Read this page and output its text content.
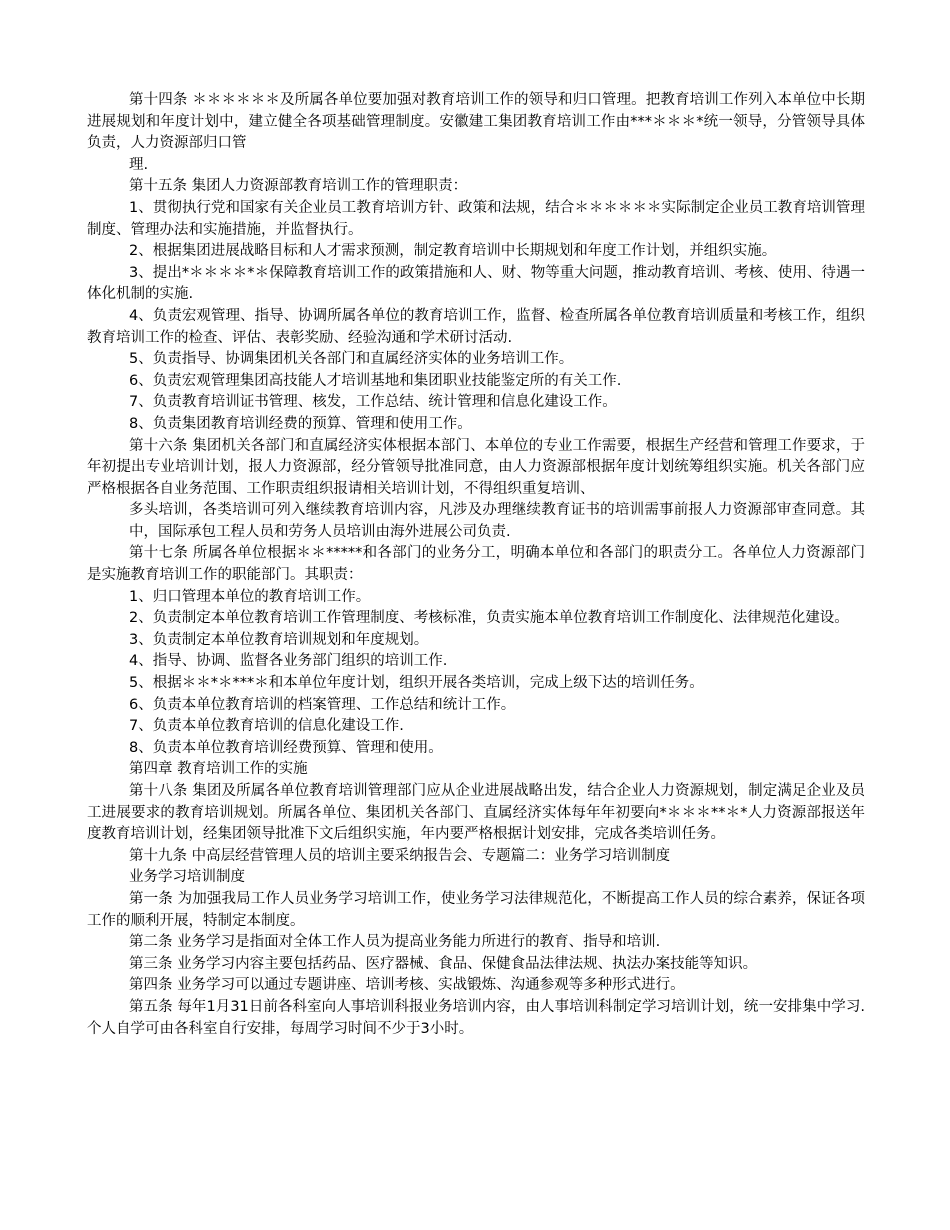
第十四条 ＊＊＊＊＊＊及所属各单位要加强对教育培训工作的领导和归口管理。把教育培训工作列入本单位中长期进展规划和年度计划中，建立健全各项基础管理制度。安徽建工集团教育培训工作由***＊＊＊*统一领导，分管领导具体负责，人力资源部归口管

理.

第十五条 集团人力资源部教育培训工作的管理职责：

1、贯彻执行党和国家有关企业员工教育培训方针、政策和法规，结合＊＊＊＊＊＊实际制定企业员工教育培训管理制度、管理办法和实施措施，并监督执行。

2、根据集团进展战略目标和人才需求预测，制定教育培训中长期规划和年度工作计划，并组织实施。

3、提出*＊＊＊＊*＊保障教育培训工作的政策措施和人、财、物等重大问题，推动教育培训、考核、使用、待遇一体化机制的实施.

4、负责宏观管理、指导、协调所属各单位的教育培训工作，监督、检查所属各单位教育培训质量和考核工作，组织教育培训工作的检查、评估、表彰奖励、经验沟通和学术研讨活动.

5、负责指导、协调集团机关各部门和直属经济实体的业务培训工作。

6、负责宏观管理集团高技能人才培训基地和集团职业技能鉴定所的有关工作.

7、负责教育培训证书管理、核发，工作总结、统计管理和信息化建设工作。

8、负责集团教育培训经费的预算、管理和使用工作。

第十六条 集团机关各部门和直属经济实体根据本部门、本单位的专业工作需要，根据生产经营和管理工作要求，于年初提出专业培训计划，报人力资源部，经分管领导批准同意，由人力资源部根据年度计划统筹组织实施。机关各部门应严格根据各自业务范围、工作职责组织报请相关培训计划，不得组织重复培训、

多头培训，各类培训可列入继续教育培训内容，凡涉及办理继续教育证书的培训需事前报人力资源部审查同意。其中，国际承包工程人员和劳务人员培训由海外进展公司负责.

第十七条 所属各单位根据＊＊*****和各部门的业务分工，明确本单位和各部门的职责分工。各单位人力资源部门是实施教育培训工作的职能部门。其职责：

1、归口管理本单位的教育培训工作。

2、负责制定本单位教育培训工作管理制度、考核标准，负责实施本单位教育培训工作制度化、法律规范化建设。

3、负责制定本单位教育培训规划和年度规划。

4、指导、协调、监督各业务部门组织的培训工作.

5、根据＊＊*＊***＊和本单位年度计划，组织开展各类培训，完成上级下达的培训任务。

6、负责本单位教育培训的档案管理、工作总结和统计工作。

7、负责本单位教育培训的信息化建设工作.

8、负责本单位教育培训经费预算、管理和使用。

第四章 教育培训工作的实施

第十八条 集团及所属各单位教育培训管理部门应从企业进展战略出发，结合企业人力资源规划，制定满足企业及员工进展要求的教育培训规划。所属各单位、集团机关各部门、直属经济实体每年年初要向*＊＊＊**＊*人力资源部报送年度教育培训计划，经集团领导批准下文后组织实施，年内要严格根据计划安排，完成各类培训任务。

第十九条 中高层经营管理人员的培训主要采纳报告会、专题篇二：业务学习培训制度

业务学习培训制度

第一条 为加强我局工作人员业务学习培训工作，使业务学习法律规范化，不断提高工作人员的综合素养，保证各项工作的顺利开展，特制定本制度。

第二条 业务学习是指面对全体工作人员为提高业务能力所进行的教育、指导和培训.

第三条 业务学习内容主要包括药品、医疗器械、食品、保健食品法律法规、执法办案技能等知识。

第四条 业务学习可以通过专题讲座、培训考核、实战锻炼、沟通参观等多种形式进行。

第五条 每年1月31日前各科室向人事培训科报业务培训内容，由人事培训科制定学习培训计划，统一安排集中学习.个人自学可由各科室自行安排，每周学习时间不少于3小时。
